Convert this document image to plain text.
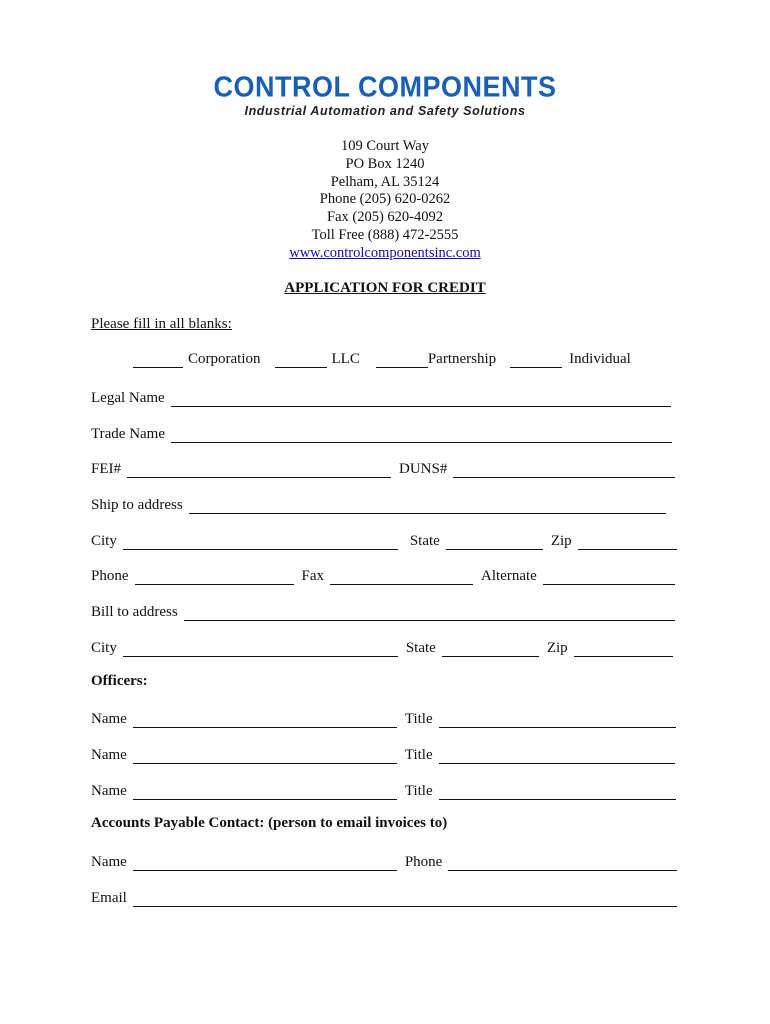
CONTROL COMPONENTS
Industrial Automation and Safety Solutions
109 Court Way
PO Box 1240
Pelham, AL 35124
Phone (205) 620-0262
Fax (205) 620-4092
Toll Free (888) 472-2555
www.controlcomponentsinc.com
APPLICATION FOR CREDIT
Please fill in all blanks:
Corporation	LLC	Partnership	Individual
Legal Name
Trade Name
FEI#	DUNS#
Ship to address
City	State	Zip
Phone	Fax	Alternate
Bill to address
City	State	Zip
Officers:
Name	Title
Name	Title
Name	Title
Accounts Payable Contact: (person to email invoices to)
Name	Phone
Email
